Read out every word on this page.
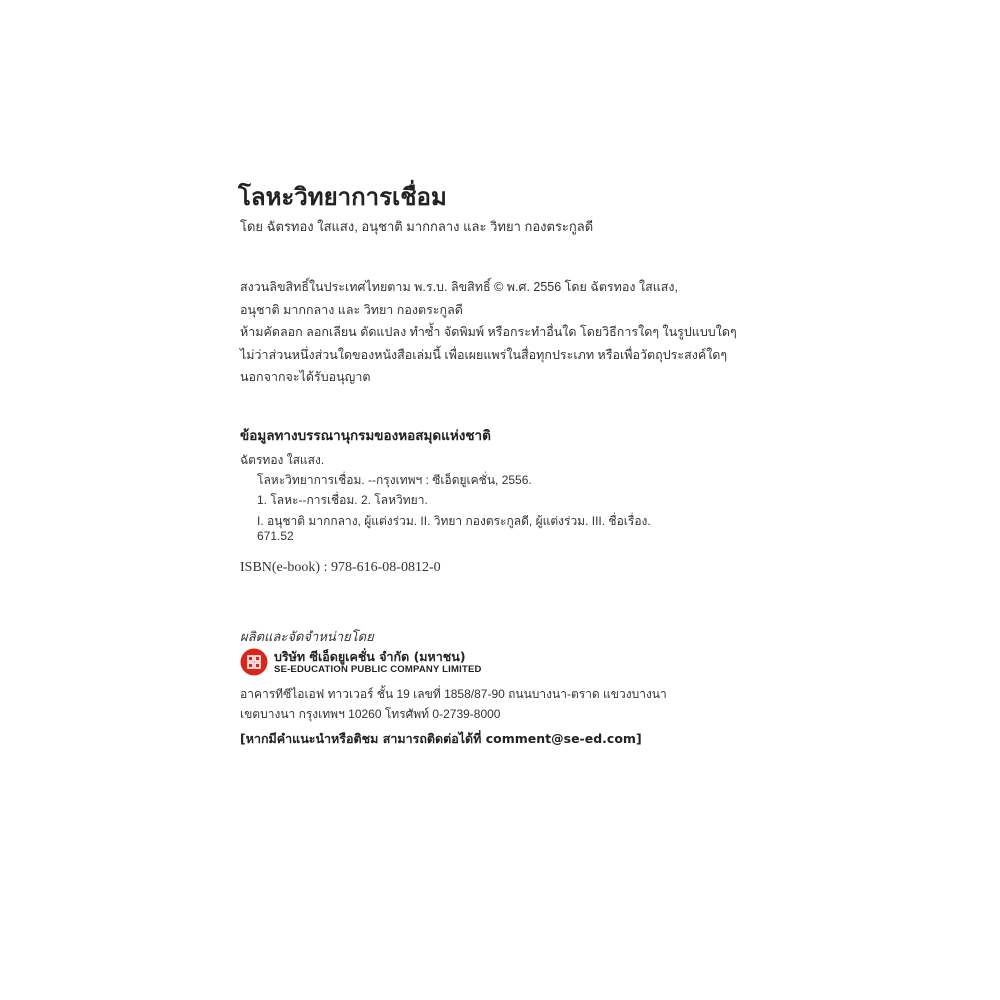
โลหะวิทยาการเชื่อม
โดย ฉัตรทอง ใสแสง, อนุชาติ มากกลาง และ วิทยา กองตระกูลดี
สงวนลิขสิทธิ์ในประเทศไทยตาม พ.ร.บ. ลิขสิทธิ์ © พ.ศ. 2556 โดย ฉัตรทอง ใสแสง,
อนุชาติ มากกลาง และ วิทยา กองตระกูลดี
ห้ามคัดลอก ลอกเลียน ดัดแปลง ทำซ้ำ จัดพิมพ์ หรือกระทำอื่นใด โดยวิธีการใดๆ ในรูปแบบใดๆ
ไม่ว่าส่วนหนึ่งส่วนใดของหนังสือเล่มนี้ เพื่อเผยแพร่ในสื่อทุกประเภท หรือเพื่อวัตถุประสงค์ใดๆ
นอกจากจะได้รับอนุญาต
ข้อมูลทางบรรณานุกรมของหอสมุดแห่งชาติ
ฉัตรทอง ใสแสง.
โลหะวิทยาการเชื่อม. --กรุงเทพฯ : ซีเอ็ดยูเคชั่น, 2556.
1. โลหะ--การเชื่อม. 2. โลหวิทยา.
I. อนุชาติ มากกลาง, ผู้แต่งร่วม. II. วิทยา กองตระกูลดี, ผู้แต่งร่วม. III. ชื่อเรื่อง.
671.52
ISBN(e-book) : 978-616-08-0812-0
ผลิตและจัดจำหน่ายโดย
บริษัท ซีเอ็ดยูเคชั่น จำกัด (มหาชน)
SE-EDUCATION PUBLIC COMPANY LIMITED
อาคารทีซีไอเอฟ ทาวเวอร์ ชั้น 19 เลขที่ 1858/87-90 ถนนบางนา-ตราด แขวงบางนา
เขตบางนา กรุงเทพฯ 10260 โทรศัพท์ 0-2739-8000
[หากมีคำแนะนำหรือติชม สามารถติดต่อได้ที่ comment@se-ed.com]
